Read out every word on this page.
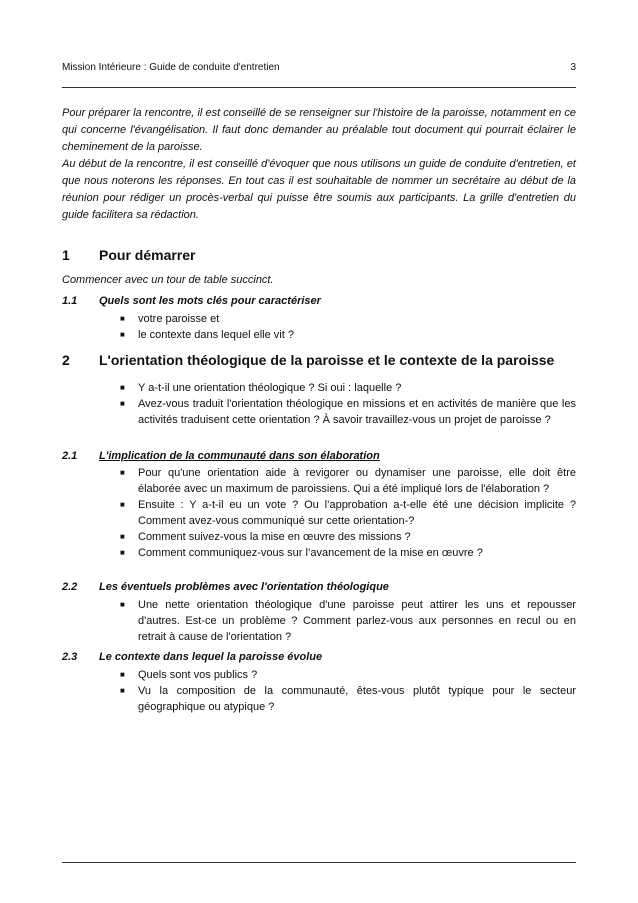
Mission Intérieure : Guide de conduite d'entretien	3

Pour préparer la rencontre, il est conseillé de se renseigner sur l'histoire de la paroisse, notamment en ce qui concerne l'évangélisation. Il faut donc demander au préalable tout document qui pourrait éclairer le cheminement de la paroisse.

Au début de la rencontre, il est conseillé d'évoquer que nous utilisons un guide de conduite d'entretien, et que nous noterons les réponses. En tout cas il est souhaitable de nommer un secrétaire au début de la réunion pour rédiger un procès-verbal qui puisse être soumis aux participants. La grille d'entretien du guide facilitera sa rédaction.

1 Pour démarrer
Commencer avec un tour de table succinct.
1.1 Quels sont les mots clés pour caractériser
■ votre paroisse et
■ le contexte dans lequel elle vit ?
2 L'orientation théologique de la paroisse et le contexte de la paroisse
■ Y a-t-il une orientation théologique ? Si oui : laquelle ?
■ Avez-vous traduit l'orientation théologique en missions et en activités de manière que les activités traduisent cette orientation ? À savoir travaillez-vous un projet de paroisse ?
2.1 L'implication de la communauté dans son élaboration
■ Pour qu'une orientation aide à revigorer ou dynamiser une paroisse, elle doit être élaborée avec un maximum de paroissiens. Qui a été impliqué lors de l'élaboration ?
■ Ensuite : Y a-t-il eu un vote ? Ou l’approbation a-t-elle été une décision implicite ? Comment avez-vous communiqué sur cette orientation-?
■ Comment suivez-vous la mise en œuvre des missions ?
■ Comment communiquez-vous sur l’avancement de la mise en œuvre ?
2.2 Les éventuels problèmes avec l'orientation théologique
■ Une nette orientation théologique d'une paroisse peut attirer les uns et repousser d'autres. Est-ce un problème ? Comment parlez-vous aux personnes en recul ou en retrait à cause de l'orientation ?
2.3 Le contexte dans lequel la paroisse évolue
■ Quels sont vos publics ?
■ Vu la composition de la communauté, êtes-vous plutôt typique pour le secteur géographique ou atypique ?
